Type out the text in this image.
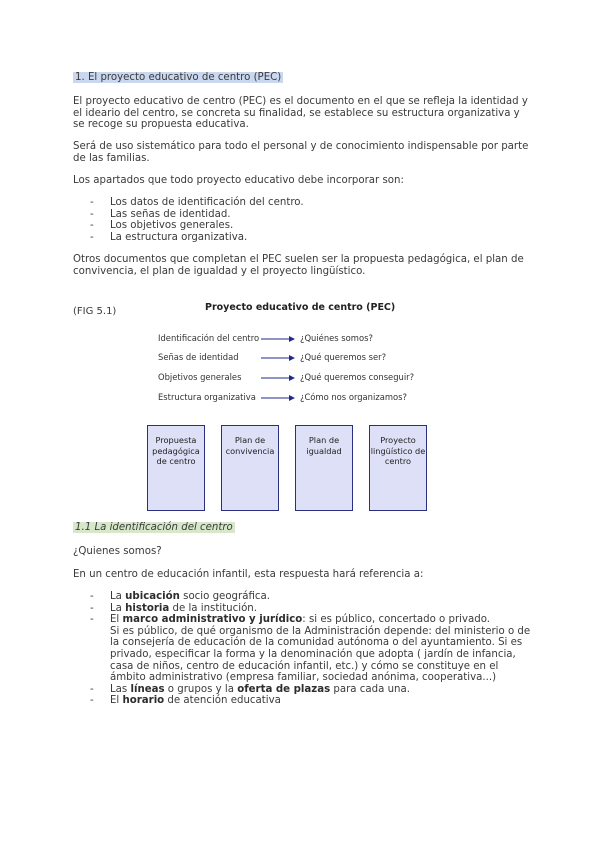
1. El proyecto educativo de centro (PEC)
El proyecto educativo de centro (PEC) es el documento en el que se refleja la identidad y el ideario del centro, se concreta su finalidad, se establece su estructura organizativa y se recoge su propuesta educativa.
Será de uso sistemático para todo el personal y de conocimiento indispensable por parte de las familias.
Los apartados que todo proyecto educativo debe incorporar son:
- Los datos de identificación del centro.
- Las señas de identidad.
- Los objetivos generales.
- La estructura organizativa.
Otros documentos que completan el PEC suelen ser la propuesta pedagógica, el plan de convivencia, el plan de igualdad y el proyecto lingüístico.
(FIG 5.1)	Proyecto educativo de centro (PEC)
Identificación del centro	¿Quiénes somos?
Señas de identidad	¿Qué queremos ser?
Objetivos generales	¿Qué queremos conseguir?
Estructura organizativa	¿Cómo nos organizamos?
Propuesta pedagógica de centro
Plan de convivencia
Plan de igualdad
Proyecto lingüístico de centro
1.1 La identificación del centro
¿Quienes somos?
En un centro de educación infantil, esta respuesta hará referencia a:
- La ubicación socio geográfica.
- La historia de la institución.
- El marco administrativo y jurídico: si es público, concertado o privado.
Si es público, de qué organismo de la Administración depende: del ministerio o de la consejería de educación de la comunidad autónoma o del ayuntamiento. Si es privado, especificar la forma y la denominación que adopta ( jardín de infancia, casa de niños, centro de educación infantil, etc.) y cómo se constituye en el ámbito administrativo (empresa familiar, sociedad anónima, cooperativa...)
- Las líneas o grupos y la oferta de plazas para cada una.
- El horario de atención educativa
